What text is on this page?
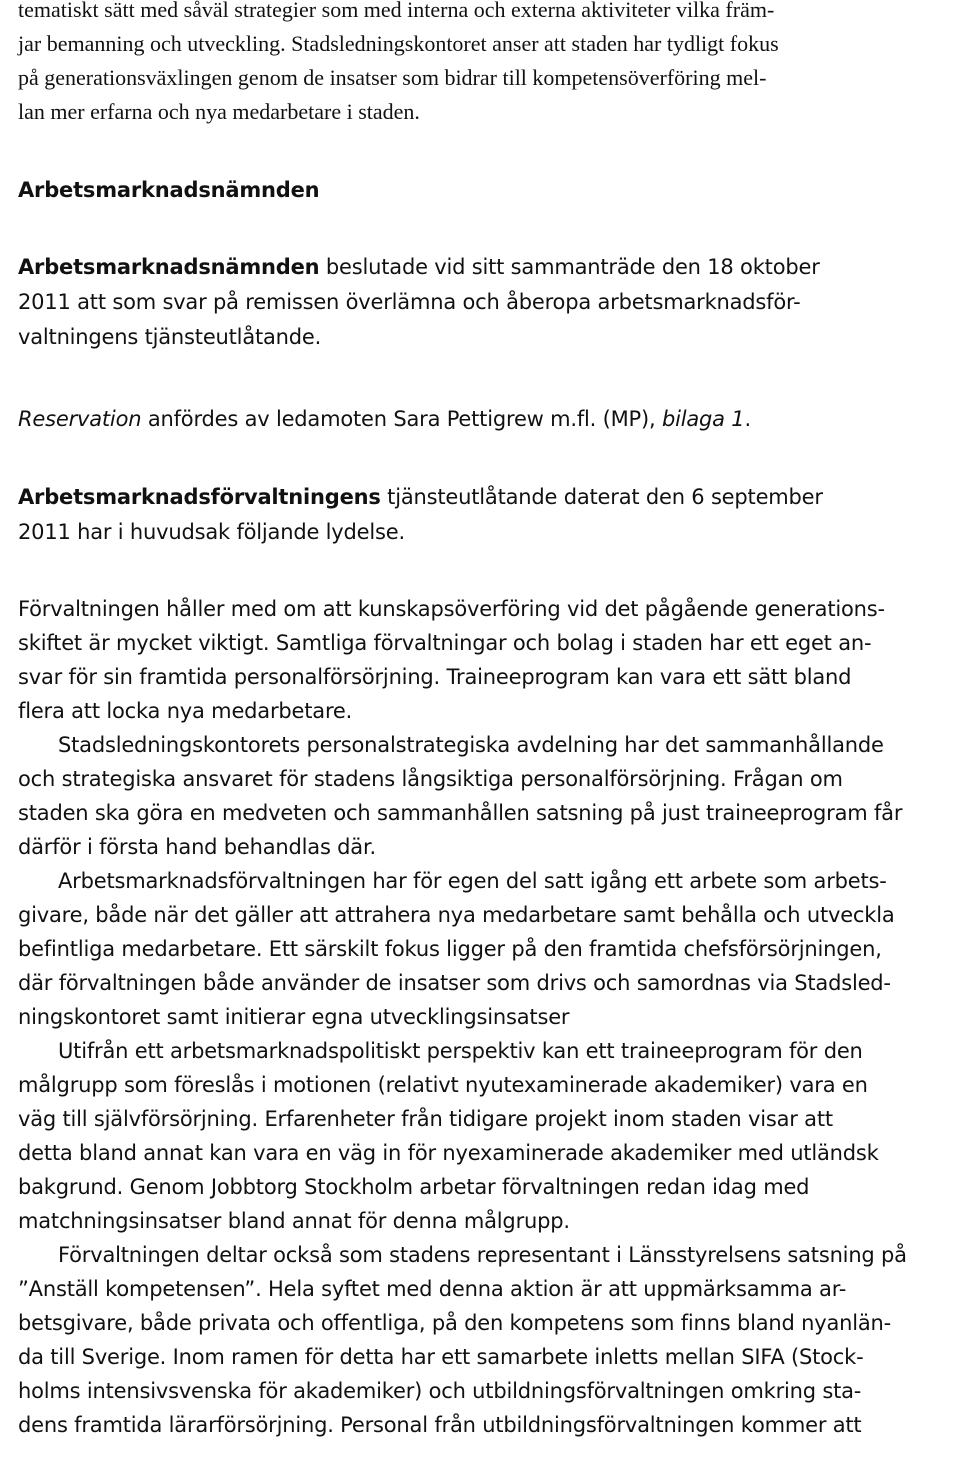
tematiskt sätt med såväl strategier som med interna och externa aktiviteter vilka främ-

jar bemanning och utveckling. Stadsledningskontoret anser att staden har tydligt fokus

på generationsväxlingen genom de insatser som bidrar till kompetensöverföring mel-

lan mer erfarna och nya medarbetare i staden.

Arbetsmarknadsnämnden

Arbetsmarknadsnämnden beslutade vid sitt sammanträde den 18 oktober

2011 att som svar på remissen överlämna och åberopa arbetsmarknadsför-

valtningens tjänsteutlåtande.

Reservation anfördes av ledamoten Sara Pettigrew m.fl. (MP), bilaga 1.

Arbetsmarknadsförvaltningens tjänsteutlåtande daterat den 6 september

2011 har i huvudsak följande lydelse.

Förvaltningen håller med om att kunskapsöverföring vid det pågående generations-

skiftet är mycket viktigt. Samtliga förvaltningar och bolag i staden har ett eget an-

svar för sin framtida personalförsörjning. Traineeprogram kan vara ett sätt bland

flera att locka nya medarbetare.

Stadsledningskontorets personalstrategiska avdelning har det sammanhållande

och strategiska ansvaret för stadens långsiktiga personalförsörjning. Frågan om

staden ska göra en medveten och sammanhållen satsning på just traineeprogram får

därför i första hand behandlas där.

Arbetsmarknadsförvaltningen har för egen del satt igång ett arbete som arbets-

givare, både när det gäller att attrahera nya medarbetare samt behålla och utveckla

befintliga medarbetare. Ett särskilt fokus ligger på den framtida chefsförsörjningen,

där förvaltningen både använder de insatser som drivs och samordnas via Stadsled-

ningskontoret samt initierar egna utvecklingsinsatser

Utifrån ett arbetsmarknadspolitiskt perspektiv kan ett traineeprogram för den

målgrupp som föreslås i motionen (relativt nyutexaminerade akademiker) vara en

väg till självförsörjning. Erfarenheter från tidigare projekt inom staden visar att

detta bland annat kan vara en väg in för nyexaminerade akademiker med utländsk

bakgrund. Genom Jobbtorg Stockholm arbetar förvaltningen redan idag med

matchningsinsatser bland annat för denna målgrupp.

Förvaltningen deltar också som stadens representant i Länsstyrelsens satsning på

”Anställ kompetensen”. Hela syftet med denna aktion är att uppmärksamma ar-

betsgivare, både privata och offentliga, på den kompetens som finns bland nyanlän-

da till Sverige. Inom ramen för detta har ett samarbete inletts mellan SIFA (Stock-

holms intensivsvenska för akademiker) och utbildningsförvaltningen omkring sta-

dens framtida lärarförsörjning. Personal från utbildningsförvaltningen kommer att
